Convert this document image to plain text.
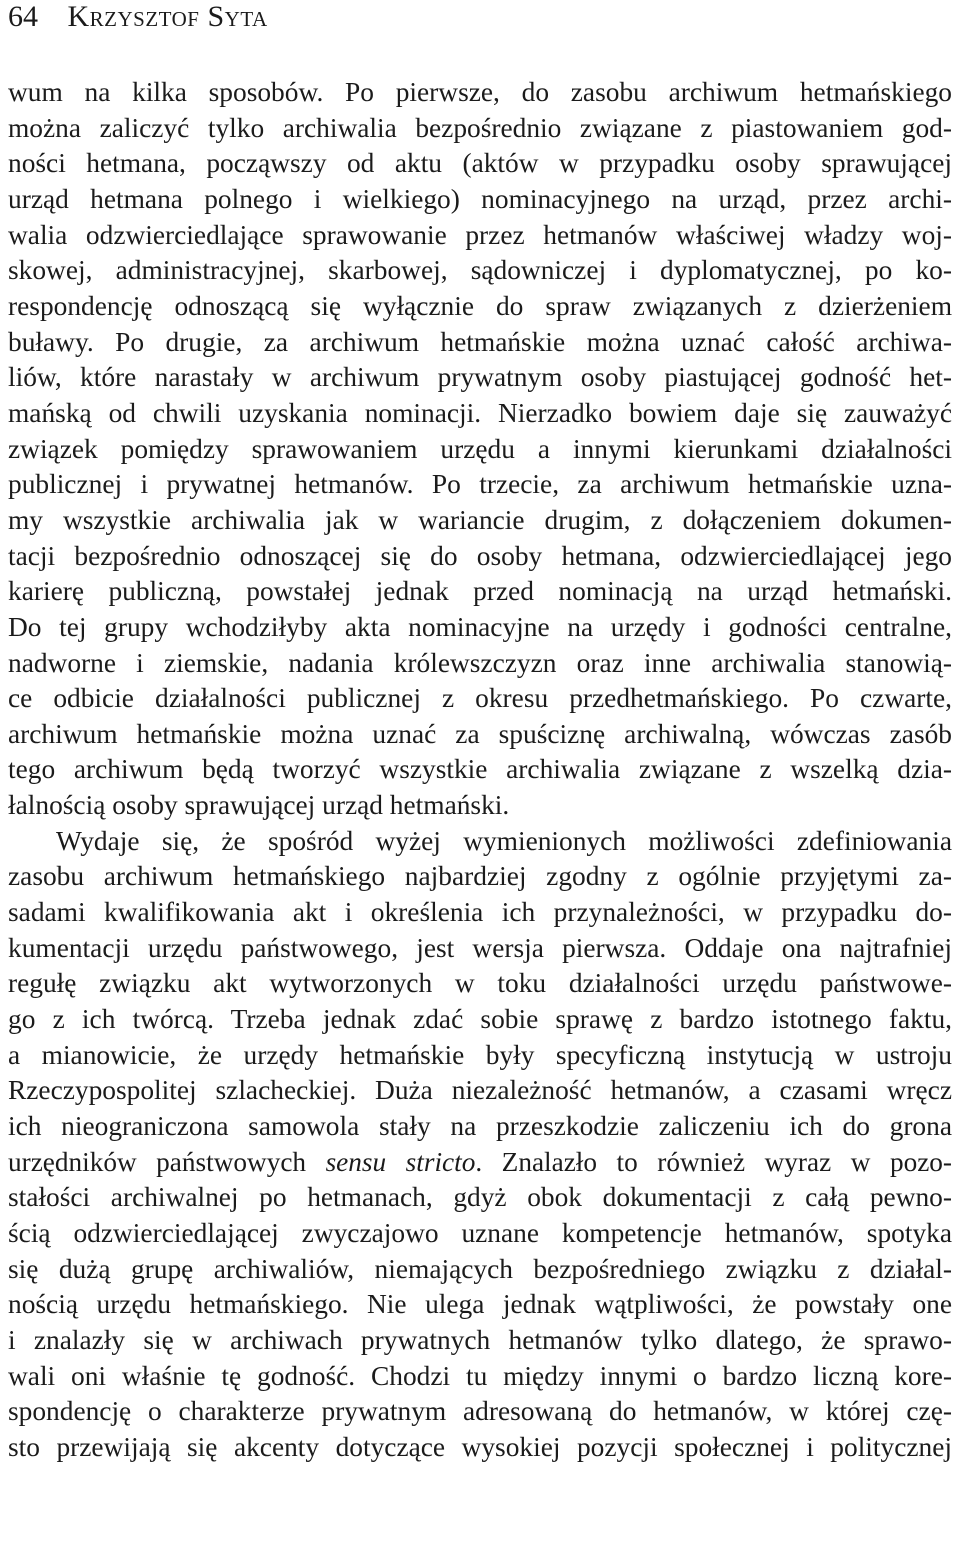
64 Krzysztof Syta
wum na kilka sposobów. Po pierwsze, do zasobu archiwum hetmańskiego
można zaliczyć tylko archiwalia bezpośrednio związane z piastowaniem god-
ności hetmana, począwszy od aktu (aktów w przypadku osoby sprawującej
urząd hetmana polnego i wielkiego) nominacyjnego na urząd, przez archi-
walia odzwierciedlające sprawowanie przez hetmanów właściwej władzy woj-
skowej, administracyjnej, skarbowej, sądowniczej i dyplomatycznej, po ko-
respondencję odnoszącą się wyłącznie do spraw związanych z dzierżeniem
buławy. Po drugie, za archiwum hetmańskie można uznać całość archiwa-
liów, które narastały w archiwum prywatnym osoby piastującej godność het-
mańską od chwili uzyskania nominacji. Nierzadko bowiem daje się zauważyć
związek pomiędzy sprawowaniem urzędu a innymi kierunkami działalności
publicznej i prywatnej hetmanów. Po trzecie, za archiwum hetmańskie uzna-
my wszystkie archiwalia jak w wariancie drugim, z dołączeniem dokumen-
tacji bezpośrednio odnoszącej się do osoby hetmana, odzwierciedlającej jego
karierę publiczną, powstałej jednak przed nominacją na urząd hetmański.
Do tej grupy wchodziłyby akta nominacyjne na urzędy i godności centralne,
nadworne i ziemskie, nadania królewszczyzn oraz inne archiwalia stanowią-
ce odbicie działalności publicznej z okresu przedhetmańskiego. Po czwarte,
archiwum hetmańskie można uznać za spuściznę archiwalną, wówczas zasób
tego archiwum będą tworzyć wszystkie archiwalia związane z wszelką dzia-
łalnością osoby sprawującej urząd hetmański.
Wydaje się, że spośród wyżej wymienionych możliwości zdefiniowania
zasobu archiwum hetmańskiego najbardziej zgodny z ogólnie przyjętymi za-
sadami kwalifikowania akt i określenia ich przynależności, w przypadku do-
kumentacji urzędu państwowego, jest wersja pierwsza. Oddaje ona najtrafniej
regułę związku akt wytworzonych w toku działalności urzędu państwowe-
go z ich twórcą. Trzeba jednak zdać sobie sprawę z bardzo istotnego faktu,
a mianowicie, że urzędy hetmańskie były specyficzną instytucją w ustroju
Rzeczypospolitej szlacheckiej. Duża niezależność hetmanów, a czasami wręcz
ich nieograniczona samowola stały na przeszkodzie zaliczeniu ich do grona
urzędników państwowych sensu stricto. Znalazło to również wyraz w pozo-
stałości archiwalnej po hetmanach, gdyż obok dokumentacji z całą pewno-
ścią odzwierciedlającej zwyczajowo uznane kompetencje hetmanów, spotyka
się dużą grupę archiwaliów, niemających bezpośredniego związku z działal-
nością urzędu hetmańskiego. Nie ulega jednak wątpliwości, że powstały one
i znalazły się w archiwach prywatnych hetmanów tylko dlatego, że sprawo-
wali oni właśnie tę godność. Chodzi tu między innymi o bardzo liczną kore-
spondencję o charakterze prywatnym adresowaną do hetmanów, w której czę-
sto przewijają się akcenty dotyczące wysokiej pozycji społecznej i politycznej
